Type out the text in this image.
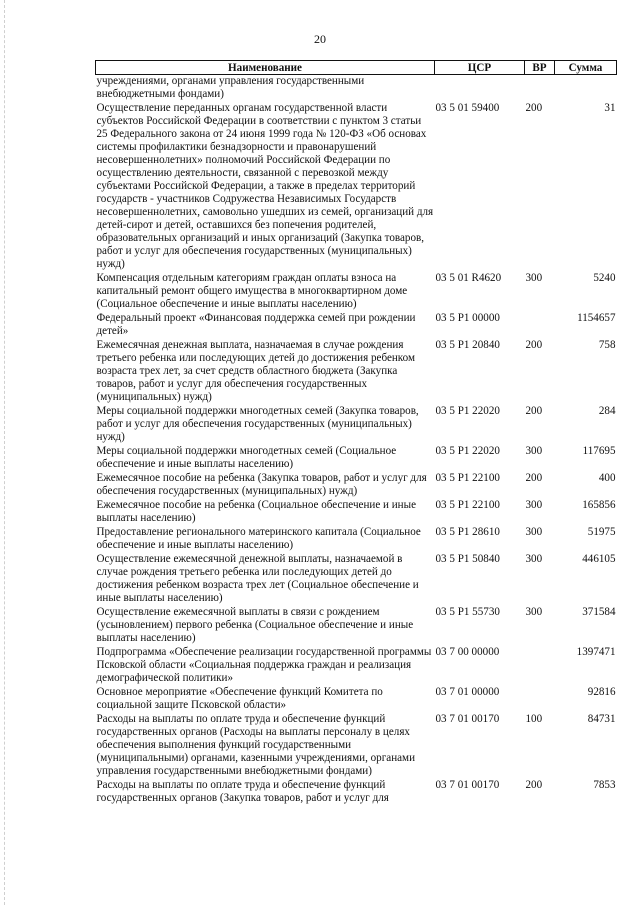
20
Наименование	ЦСР	ВР	Сумма
учреждениями, органами управления государственными внебюджетными фондами)			
Осуществление переданных органам государственной власти субъектов Российской Федерации в соответствии с пунктом 3 статьи 25 Федерального закона от 24 июня 1999 года № 120-ФЗ «Об основах системы профилактики безнадзорности и правонарушений несовершеннолетних» полномочий Российской Федерации по осуществлению деятельности, связанной с перевозкой между субъектами Российской Федерации, а также в пределах территорий государств - участников Содружества Независимых Государств несовершеннолетних, самовольно ушедших из семей, организаций для детей-сирот и детей, оставшихся без попечения родителей, образовательных организаций и иных организаций (Закупка товаров, работ и услуг для обеспечения государственных (муниципальных) нужд)	03 5 01 59400	200	31
Компенсация отдельным категориям граждан оплаты взноса на капитальный ремонт общего имущества в многоквартирном доме (Социальное обеспечение и иные выплаты населению)	03 5 01 R4620	300	5240
Федеральный проект «Финансовая поддержка семей при рождении детей»	03 5 P1 00000		1154657
Ежемесячная денежная выплата, назначаемая в случае рождения третьего ребенка или последующих детей до достижения ребенком возраста трех лет, за счет средств областного бюджета (Закупка товаров, работ и услуг для обеспечения государственных (муниципальных) нужд)	03 5 P1 20840	200	758
Меры социальной поддержки многодетных семей (Закупка товаров, работ и услуг для обеспечения государственных (муниципальных) нужд)	03 5 P1 22020	200	284
Меры социальной поддержки многодетных семей (Социальное обеспечение и иные выплаты населению)	03 5 P1 22020	300	117695
Ежемесячное пособие на ребенка (Закупка товаров, работ и услуг для обеспечения государственных (муниципальных) нужд)	03 5 P1 22100	200	400
Ежемесячное пособие на ребенка (Социальное обеспечение и иные выплаты населению)	03 5 P1 22100	300	165856
Предоставление регионального материнского капитала (Социальное обеспечение и иные выплаты населению)	03 5 P1 28610	300	51975
Осуществление ежемесячной денежной выплаты, назначаемой в случае рождения третьего ребенка или последующих детей до достижения ребенком возраста трех лет (Социальное обеспечение и иные выплаты населению)	03 5 P1 50840	300	446105
Осуществление ежемесячной выплаты в связи с рождением (усыновлением) первого ребенка (Социальное обеспечение и иные выплаты населению)	03 5 P1 55730	300	371584
Подпрограмма «Обеспечение реализации государственной программы Псковской области «Социальная поддержка граждан и реализация демографической политики»	03 7 00 00000		1397471
Основное мероприятие «Обеспечение функций Комитета по социальной защите Псковской области»	03 7 01 00000		92816
Расходы на выплаты по оплате труда и обеспечение функций государственных органов (Расходы на выплаты персоналу в целях обеспечения выполнения функций государственными (муниципальными) органами, казенными учреждениями, органами управления государственными внебюджетными фондами)	03 7 01 00170	100	84731
Расходы на выплаты по оплате труда и обеспечение функций государственных органов (Закупка товаров, работ и услуг для	03 7 01 00170	200	7853
